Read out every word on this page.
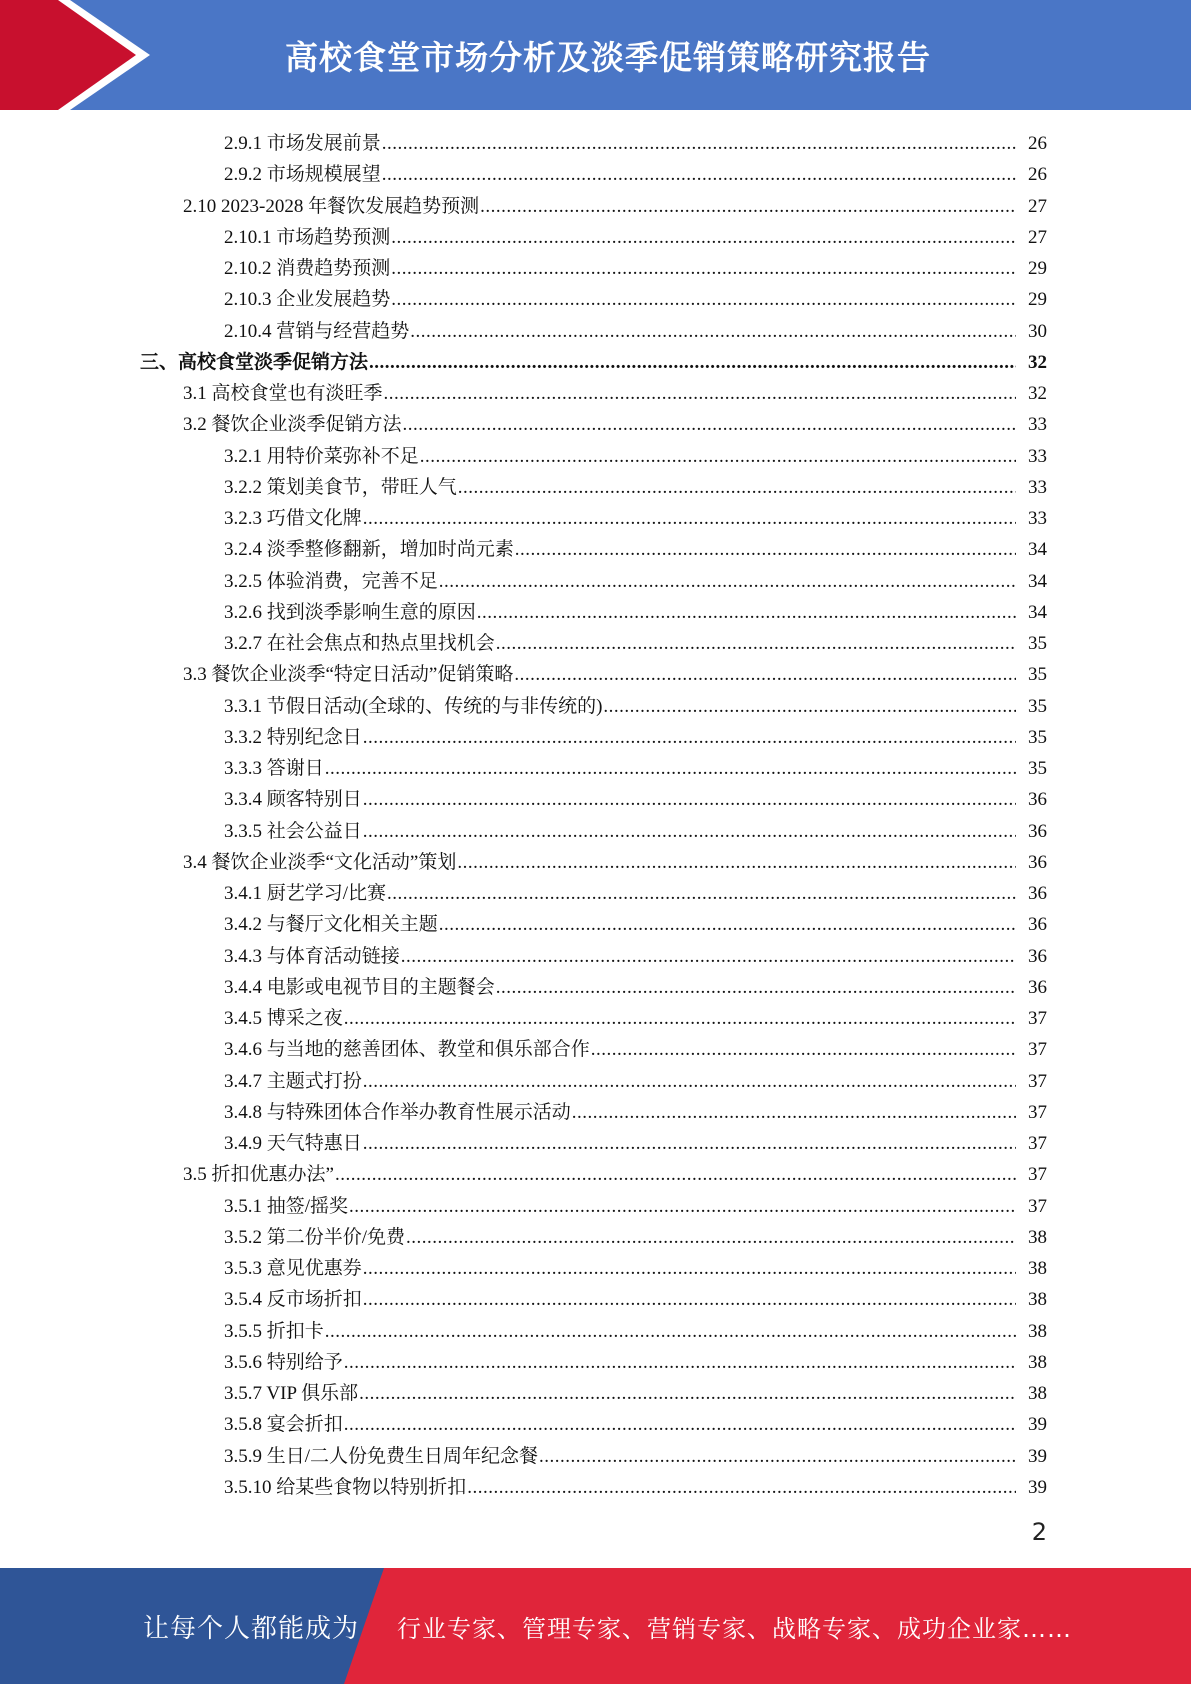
高校食堂市场分析及淡季促销策略研究报告
2.9.1 市场发展前景 .....	26
2.9.2 市场规模展望 .....	26
2.10 2023-2028 年餐饮发展趋势预测 .....	27
2.10.1 市场趋势预测 .....	27
2.10.2 消费趋势预测 .....	29
2.10.3 企业发展趋势 .....	29
2.10.4 营销与经营趋势 .....	30
三、高校食堂淡季促销方法 .....	32
3.1 高校食堂也有淡旺季 .....	32
3.2 餐饮企业淡季促销方法 .....	33
3.2.1 用特价菜弥补不足 .....	33
3.2.2 策划美食节，带旺人气 .....	33
3.2.3 巧借文化牌 .....	33
3.2.4 淡季整修翻新，增加时尚元素 .....	34
3.2.5 体验消费，完善不足 .....	34
3.2.6 找到淡季影响生意的原因 .....	34
3.2.7 在社会焦点和热点里找机会 .....	35
3.3 餐饮企业淡季“特定日活动”促销策略 .....	35
3.3.1 节假日活动(全球的、传统的与非传统的) .....	35
3.3.2 特别纪念日 .....	35
3.3.3 答谢日 .....	35
3.3.4 顾客特别日 .....	36
3.3.5 社会公益日 .....	36
3.4 餐饮企业淡季“文化活动”策划 .....	36
3.4.1 厨艺学习/比赛 .....	36
3.4.2 与餐厅文化相关主题 .....	36
3.4.3 与体育活动链接 .....	36
3.4.4 电影或电视节目的主题餐会 .....	36
3.4.5 博采之夜 .....	37
3.4.6 与当地的慈善团体、教堂和俱乐部合作 .....	37
3.4.7 主题式打扮 .....	37
3.4.8 与特殊团体合作举办教育性展示活动 .....	37
3.4.9 天气特惠日 .....	37
3.5 折扣优惠办法” .....	37
3.5.1 抽签/摇奖 .....	37
3.5.2 第二份半价/免费 .....	38
3.5.3 意见优惠券 .....	38
3.5.4 反市场折扣 .....	38
3.5.5 折扣卡 .....	38
3.5.6 特别给予 .....	38
3.5.7 VIP 俱乐部 .....	38
3.5.8 宴会折扣 .....	39
3.5.9 生日/二人份免费生日周年纪念餐 .....	39
3.5.10 给某些食物以特别折扣 .....	39
2
让每个人都能成为 行业专家、管理专家、营销专家、战略专家、成功企业家……
